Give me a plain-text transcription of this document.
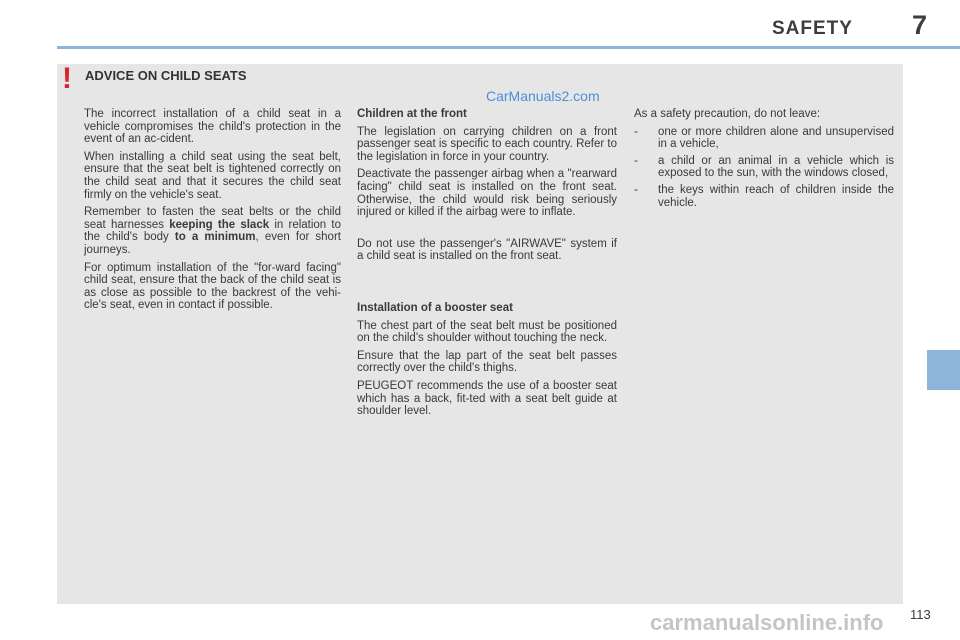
SAFETY 7
! ADVICE ON CHILD SEATS
CarManuals2.com

The incorrect installation of a child seat in a vehicle compromises the child's protection in the event of an ac-cident.

When installing a child seat using the seat belt, ensure that the seat belt is tightened correctly on the child seat and that it secures the child seat firmly on the vehicle's seat.

Remember to fasten the seat belts or the child seat harnesses keeping the slack in relation to the child's body to a minimum, even for short journeys.

For optimum installation of the "for-ward facing" child seat, ensure that the back of the child seat is as close as possible to the backrest of the vehi-cle's seat, even in contact if possible.

Children at the front

The legislation on carrying children on a front passenger seat is specific to each country. Refer to the legislation in force in your country.

Deactivate the passenger airbag when a "rearward facing" child seat is installed on the front seat. Otherwise, the child would risk being seriously injured or killed if the airbag were to inflate.

Do not use the passenger's "AIRWAVE" system if a child seat is installed on the front seat.

Installation of a booster seat

The chest part of the seat belt must be positioned on the child's shoulder without touching the neck.

Ensure that the lap part of the seat belt passes correctly over the child's thighs.

PEUGEOT recommends the use of a booster seat which has a back, fit-ted with a seat belt guide at shoulder level.

As a safety precaution, do not leave:

- one or more children alone and unsupervised in a vehicle,
- a child or an animal in a vehicle which is exposed to the sun, with the windows closed,
- the keys within reach of children inside the vehicle.
113
carmanualsonline.info
